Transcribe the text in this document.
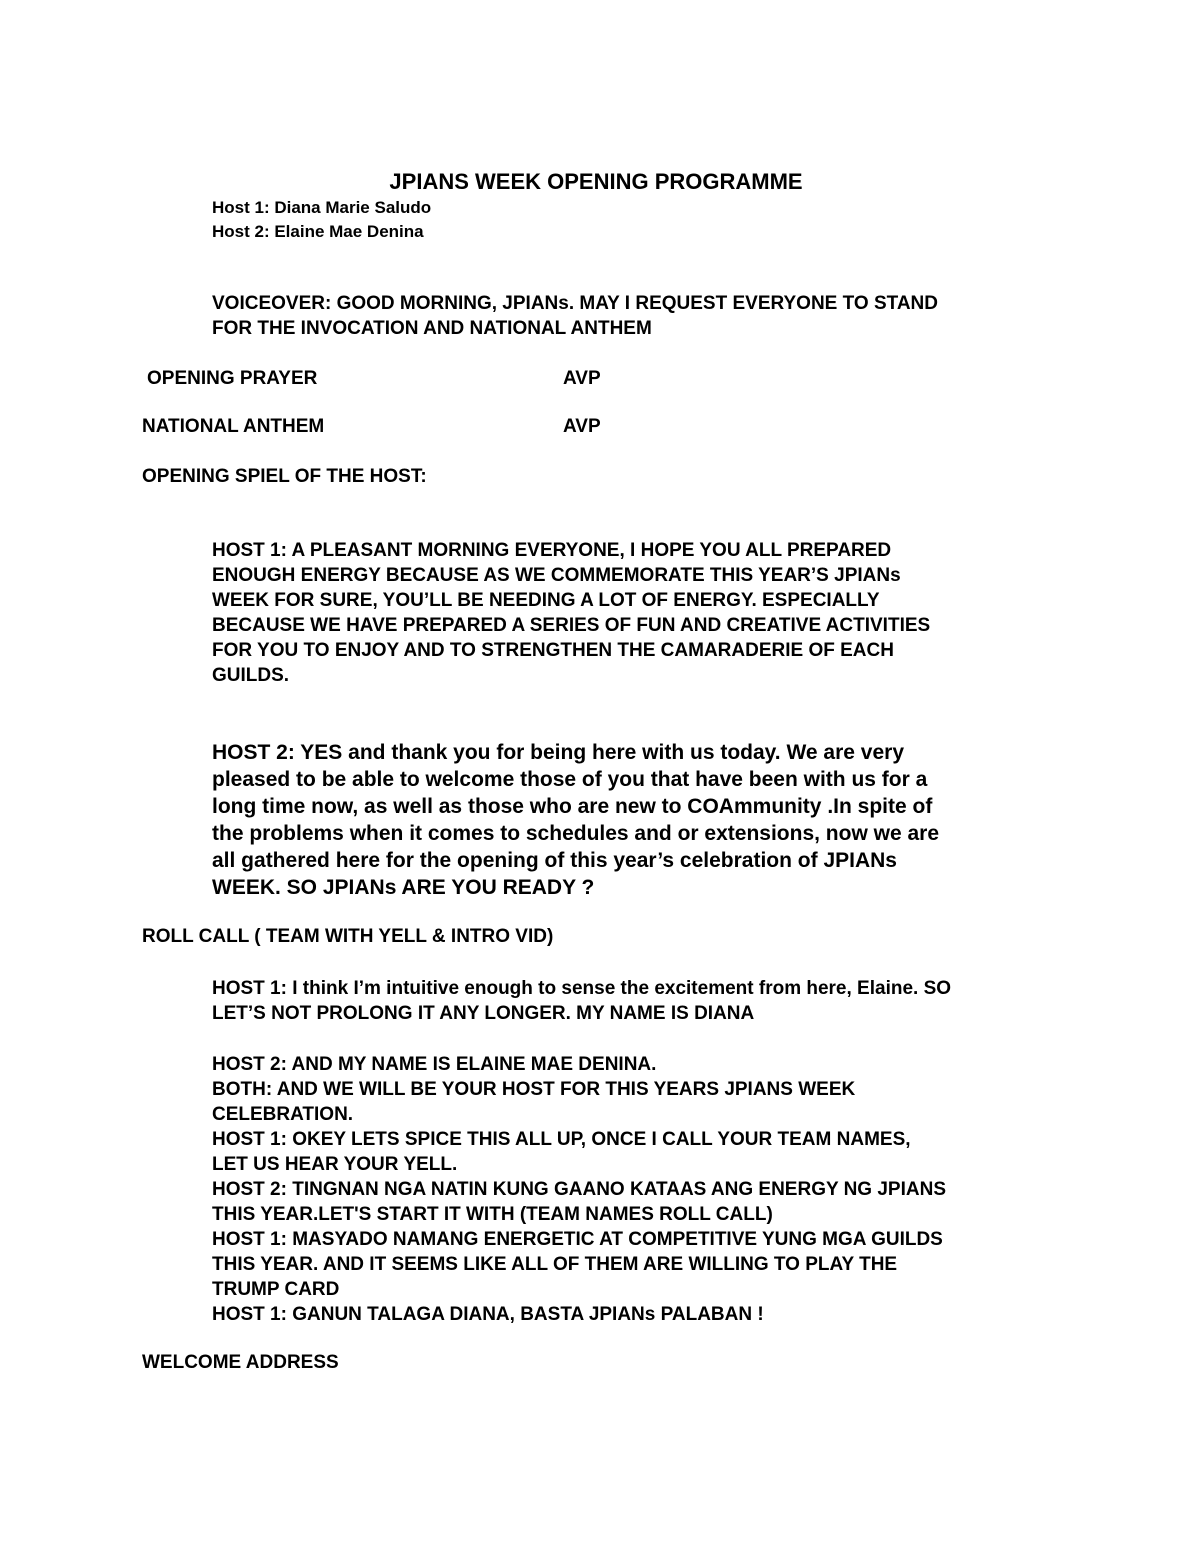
JPIANS WEEK OPENING PROGRAMME
Host 1: Diana Marie Saludo
Host 2: Elaine Mae Denina
VOICEOVER: GOOD MORNING, JPIANs. MAY I REQUEST EVERYONE TO STAND
FOR THE INVOCATION AND NATIONAL ANTHEM
OPENING PRAYER	AVP
NATIONAL ANTHEM	AVP
OPENING SPIEL OF THE HOST:
HOST 1: A PLEASANT MORNING EVERYONE, I HOPE YOU ALL PREPARED
ENOUGH ENERGY BECAUSE AS WE COMMEMORATE THIS YEAR’S JPIANs
WEEK FOR SURE, YOU’LL BE NEEDING A LOT OF ENERGY. ESPECIALLY
BECAUSE WE HAVE PREPARED A SERIES OF FUN AND CREATIVE ACTIVITIES
FOR YOU TO ENJOY AND TO STRENGTHEN THE CAMARADERIE OF EACH
GUILDS.
HOST 2: YES and thank you for being here with us today. We are very
pleased to be able to welcome those of you that have been with us for a
long time now, as well as those who are new to COAmmunity .In spite of
the problems when it comes to schedules and or extensions, now we are
all gathered here for the opening of this year’s celebration of JPIANs
WEEK. SO JPIANs ARE YOU READY ?
ROLL CALL ( TEAM WITH YELL & INTRO VID)
HOST 1: I think I’m intuitive enough to sense the excitement from here, Elaine. SO
LET’S NOT PROLONG IT ANY LONGER. MY NAME IS DIANA
HOST 2: AND MY NAME IS ELAINE MAE DENINA.
BOTH: AND WE WILL BE YOUR HOST FOR THIS YEARS JPIANS WEEK
CELEBRATION.
HOST 1: OKEY LETS SPICE THIS ALL UP, ONCE I CALL YOUR TEAM NAMES,
LET US HEAR YOUR YELL.
HOST 2: TINGNAN NGA NATIN KUNG GAANO KATAAS ANG ENERGY NG JPIANS
THIS YEAR.LET'S START IT WITH (TEAM NAMES ROLL CALL)
HOST 1: MASYADO NAMANG ENERGETIC AT COMPETITIVE YUNG MGA GUILDS
THIS YEAR. AND IT SEEMS LIKE ALL OF THEM ARE WILLING TO PLAY THE
TRUMP CARD
HOST 1: GANUN TALAGA DIANA, BASTA JPIANs PALABAN !
WELCOME ADDRESS
